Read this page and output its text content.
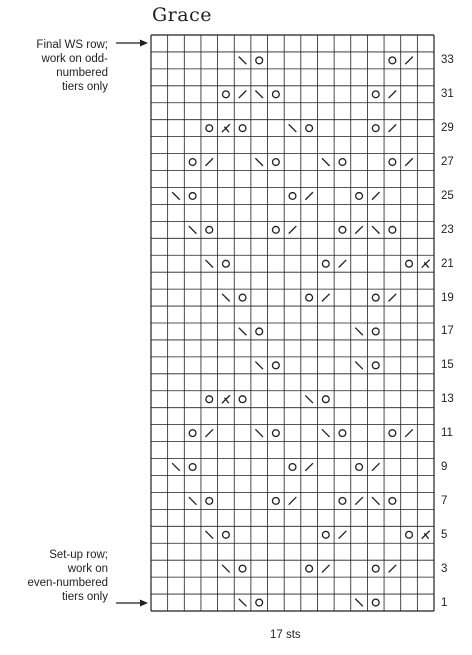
Grace
Final WS row;
work on odd-
numbered
tiers only
Set-up row;
work on
even-numbered
tiers only
33
31
29
27
25
23
21
19
17
15
13
11
9
7
5
3
1
17 sts
